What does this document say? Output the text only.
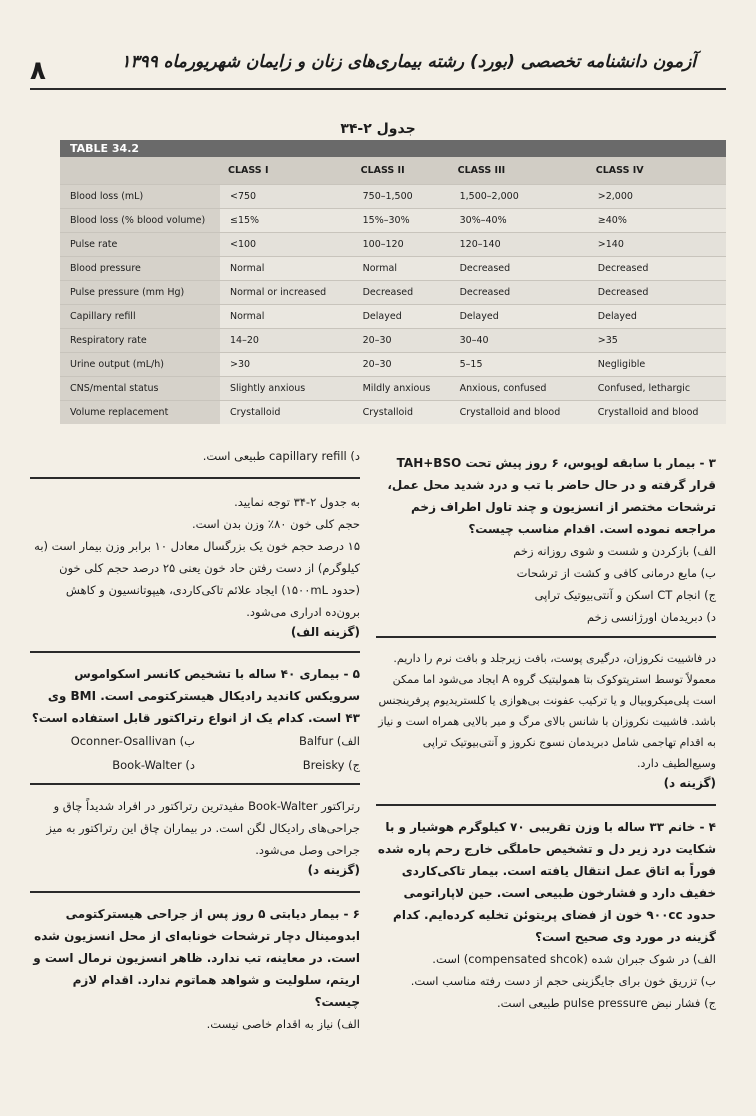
۸	آزمون دانشنامه تخصصی (بورد) رشته بیماری‌های زنان و زایمان شهریورماه ۱۳۹۹
جدول ۲-۳۴
TABLE 34.2
	CLASS I	CLASS II	CLASS III	CLASS IV
Blood loss (mL)	<750	750–1,500	1,500–2,000	>2,000
Blood loss (% blood volume)	≤15%	15%–30%	30%–40%	≥40%
Pulse rate	<100	100–120	120–140	>140
Blood pressure	Normal	Normal	Decreased	Decreased
Pulse pressure (mm Hg)	Normal or increased	Decreased	Decreased	Decreased
Capillary refill	Normal	Delayed	Delayed	Delayed
Respiratory rate	14–20	20–30	30–40	>35
Urine output (mL/h)	>30	20–30	5–15	Negligible
CNS/mental status	Slightly anxious	Mildly anxious	Anxious, confused	Confused, lethargic
Volume replacement	Crystalloid	Crystalloid	Crystalloid and blood	Crystalloid and blood
۳ - بیمار با سابقه لوپوس، ۶ روز پیش تحت TAH+BSO قرار گرفته و در حال حاضر با تب و درد شدید محل عمل، ترشحات مختصر از انسزیون و چند تاول اطراف زخم مراجعه نموده است. اقدام مناسب چیست؟
الف) بازکردن و شست و شوی روزانه زخم
ب) مایع درمانی کافی و کشت از ترشحات
ج) انجام CT اسکن و آنتی‌بیوتیک تراپی
د) دبریدمان اورژانسی زخم
در فاشییت نکروزان، درگیری پوست، بافت زیرجلد و بافت نرم را داریم. معمولاً توسط استرپتوکوک بتا همولیتیک گروه A ایجاد می‌شود اما ممکن است پلی‌میکروبیال و یا ترکیب عفونت بی‌هوازی یا کلستریدیوم پرفرینجنس باشد. فاشییت نکروزان با شانس بالای مرگ و میر بالایی همراه است و نیاز به اقدام تهاجمی شامل دبریدمان نسوج نکروز و آنتی‌بیوتیک تراپی وسیع‌الطیف دارد.
(گزینه د)
۴ - خانم ۳۳ ساله با وزن تقریبی ۷۰ کیلوگرم هوشیار و با شکایت درد زیر دل و تشخیص حاملگی خارج رحم پاره شده فوراً به اتاق عمل انتقال یافته است. بیمار تاکی‌کاردی خفیف دارد و فشارخون طبیعی است. حین لاپاراتومی حدود ۹۰۰cc خون از فضای پریتوئن تخلیه کرده‌ایم. کدام گزینه در مورد وی صحیح است؟
الف) در شوک جبران شده (compensated shcok) است.
ب) تزریق خون برای جایگزینی حجم از دست رفته مناسب است.
ج) فشار نبض pulse pressure طبیعی است.
د) capillary refill طبیعی است.
به جدول ۲-۳۴ توجه نمایید.
حجم کلی خون ۸۰٪ وزن بدن است.
۱۵ درصد حجم خون یک بزرگسال معادل ۱۰ برابر وزن بیمار است (به کیلوگرم) از دست رفتن حاد خون یعنی ۲۵ درصد حجم کلی خون (حدود ۱۵۰۰mL) ایجاد علائم تاکی‌کاردی، هیپوتانسیون و کاهش برون‌ده ادراری می‌شود.
(گزینه الف)
۵ - بیماری ۴۰ ساله با تشخیص کانسر اسکواموس سرویکس کاندید رادیکال هیسترکتومی است. BMI وی ۴۳ است. کدام یک از انواع رتراکتور قابل استفاده است؟
الف) Balfur
ب) Oconner-Osallivan
ج) Breisky
د) Book-Walter
رتراکتور Book-Walter مفیدترین رتراکتور در افراد شدیداً چاق و جراحی‌های رادیکال لگن است. در بیماران چاق این رتراکتور به میز جراحی وصل می‌شود.
(گزینه د)
۶ - بیمار دیابتی ۵ روز پس از جراحی هیسترکتومی ابدومینال دچار ترشحات خونابه‌ای از محل انسزیون شده است. در معاینه، تب ندارد. ظاهر انسزیون نرمال است و اریتم، سلولیت و شواهد هماتوم ندارد. اقدام لازم چیست؟
الف) نیاز به اقدام خاصی نیست.
